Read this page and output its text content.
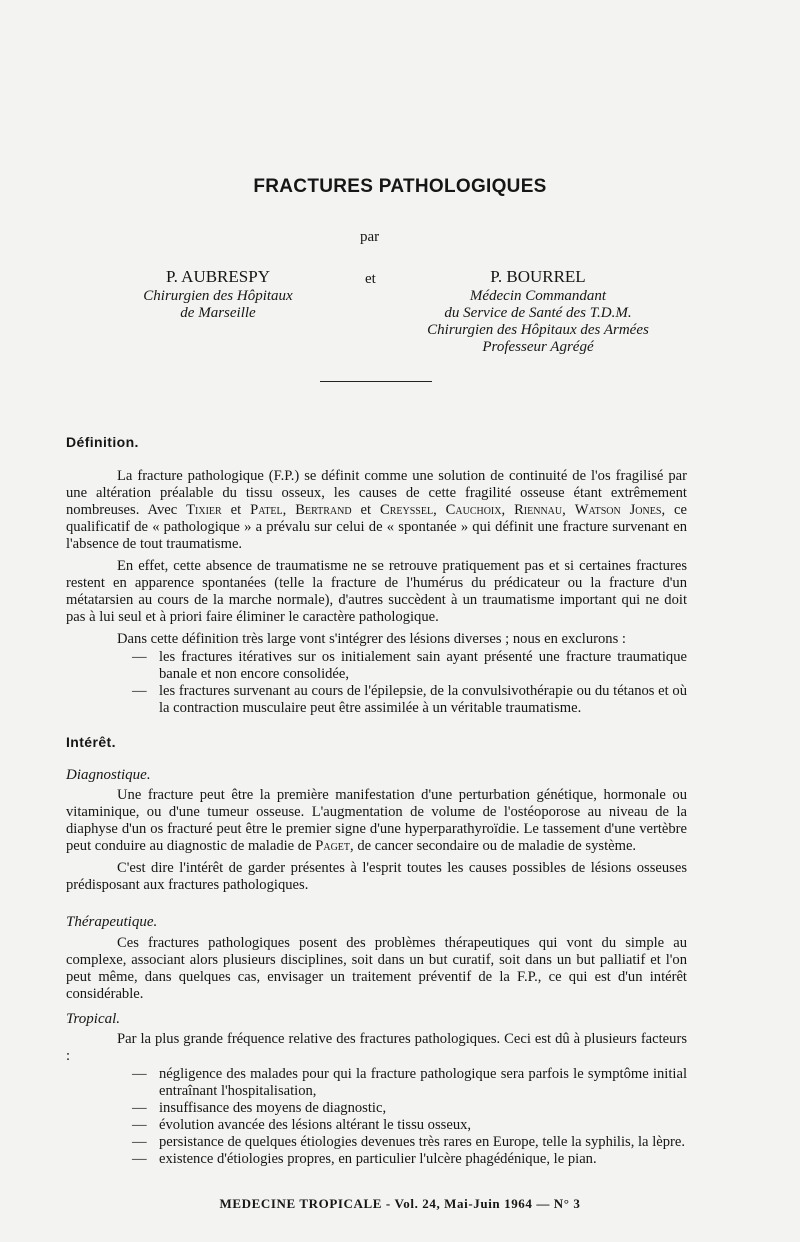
FRACTURES PATHOLOGIQUES
par
et
P. AUBRESPY
Chirurgien des Hôpitaux
de Marseille
P. BOURREL
Médecin Commandant
du Service de Santé des T.D.M.
Chirurgien des Hôpitaux des Armées
Professeur Agrégé
Définition.

La fracture pathologique (F.P.) se définit comme une solution de continuité de l'os fragilisé par une altération préalable du tissu osseux, les causes de cette fragilité osseuse étant extrêmement nombreuses. Avec Tixier et Patel, Bertrand et Creyssel, Cauchoix, Riennau, Watson Jones, ce qualificatif de « pathologique » a prévalu sur celui de « spontanée » qui définit une fracture survenant en l'absence de tout traumatisme.

En effet, cette absence de traumatisme ne se retrouve pratiquement pas et si certaines fractures restent en apparence spontanées (telle la fracture de l'humérus du prédicateur ou la fracture d'un métatarsien au cours de la marche normale), d'autres succèdent à un traumatisme important qui ne doit pas à lui seul et à priori faire éliminer le caractère pathologique.

Dans cette définition très large vont s'intégrer des lésions diverses ; nous en exclurons :

— les fractures itératives sur os initialement sain ayant présenté une fracture traumatique banale et non encore consolidée,
— les fractures survenant au cours de l'épilepsie, de la convulsivothérapie ou du tétanos et où la contraction musculaire peut être assimilée à un véritable traumatisme.
Intérêt.
Diagnostique.

Une fracture peut être la première manifestation d'une perturbation génétique, hormonale ou vitaminique, ou d'une tumeur osseuse. L'augmentation de volume de l'ostéoporose au niveau de la diaphyse d'un os fracturé peut être le premier signe d'une hyperparathyroïdie. Le tassement d'une vertèbre peut conduire au diagnostic de maladie de Paget, de cancer secondaire ou de maladie de système.

C'est dire l'intérêt de garder présentes à l'esprit toutes les causes possibles de lésions osseuses prédisposant aux fractures pathologiques.

Thérapeutique.

Ces fractures pathologiques posent des problèmes thérapeutiques qui vont du simple au complexe, associant alors plusieurs disciplines, soit dans un but curatif, soit dans un but palliatif et l'on peut même, dans quelques cas, envisager un traitement préventif de la F.P., ce qui est d'un intérêt considérable.

Tropical.

Par la plus grande fréquence relative des fractures pathologiques. Ceci est dû à plusieurs facteurs :

— négligence des malades pour qui la fracture pathologique sera parfois le symptôme initial entraînant l'hospitalisation,
— insuffisance des moyens de diagnostic,
— évolution avancée des lésions altérant le tissu osseux,
— persistance de quelques étiologies devenues très rares en Europe, telle la syphilis, la lèpre.
— existence d'étiologies propres, en particulier l'ulcère phagédénique, le pian.
MEDECINE TROPICALE - Vol. 24, Mai-Juin 1964 — N° 3
